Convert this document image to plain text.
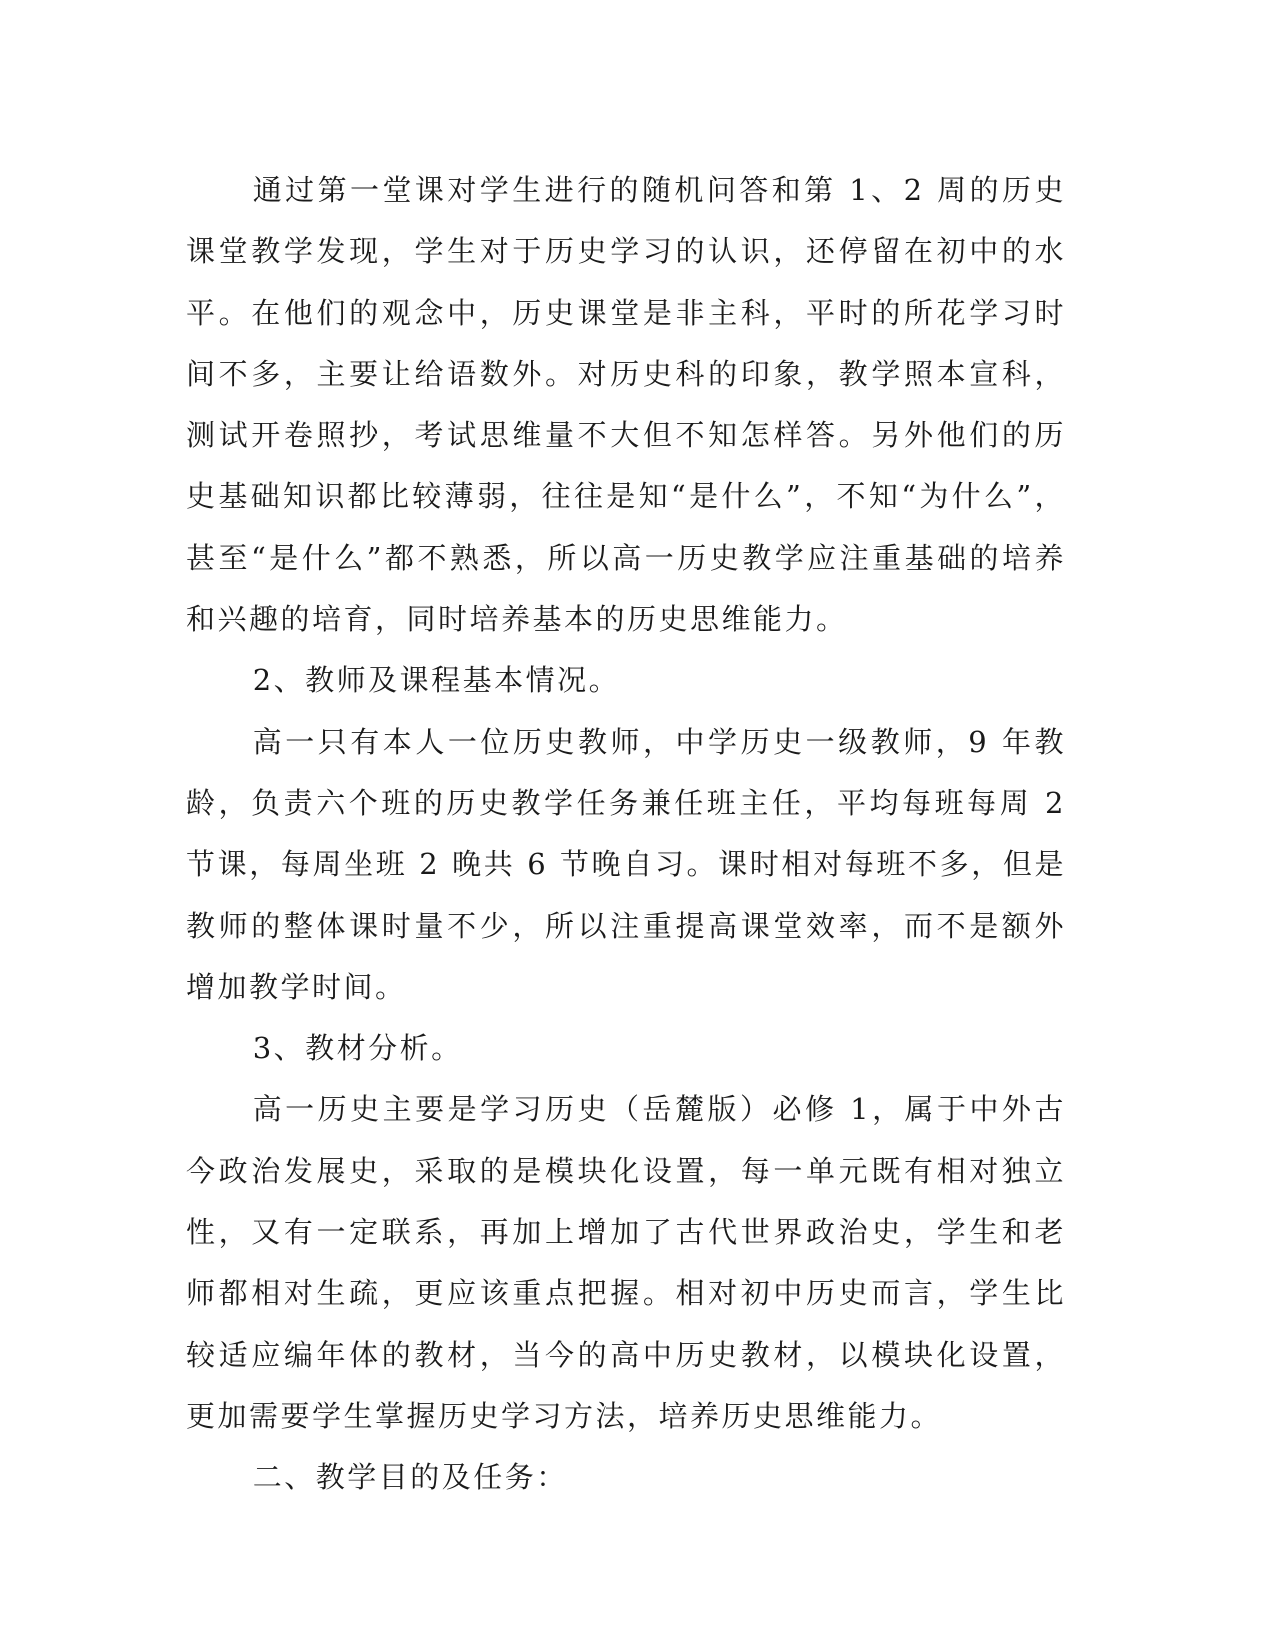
通过第一堂课对学生进行的随机问答和第 1、2 周的历史课堂教学发现，学生对于历史学习的认识，还停留在初中的水平。在他们的观念中，历史课堂是非主科，平时的所花学习时间不多，主要让给语数外。对历史科的印象，教学照本宣科，测试开卷照抄，考试思维量不大但不知怎样答。另外他们的历史基础知识都比较薄弱，往往是知“是什么”，不知“为什么”，甚至“是什么”都不熟悉，所以高一历史教学应注重基础的培养和兴趣的培育，同时培养基本的历史思维能力。

2、教师及课程基本情况。

高一只有本人一位历史教师，中学历史一级教师，9 年教龄，负责六个班的历史教学任务兼任班主任，平均每班每周 2 节课，每周坐班 2 晚共 6 节晚自习。课时相对每班不多，但是教师的整体课时量不少，所以注重提高课堂效率，而不是额外增加教学时间。

3、教材分析。

高一历史主要是学习历史（岳麓版）必修 1，属于中外古今政治发展史，采取的是模块化设置，每一单元既有相对独立性，又有一定联系，再加上增加了古代世界政治史，学生和老师都相对生疏，更应该重点把握。相对初中历史而言，学生比较适应编年体的教材，当今的高中历史教材，以模块化设置，更加需要学生掌握历史学习方法，培养历史思维能力。

二、教学目的及任务：
